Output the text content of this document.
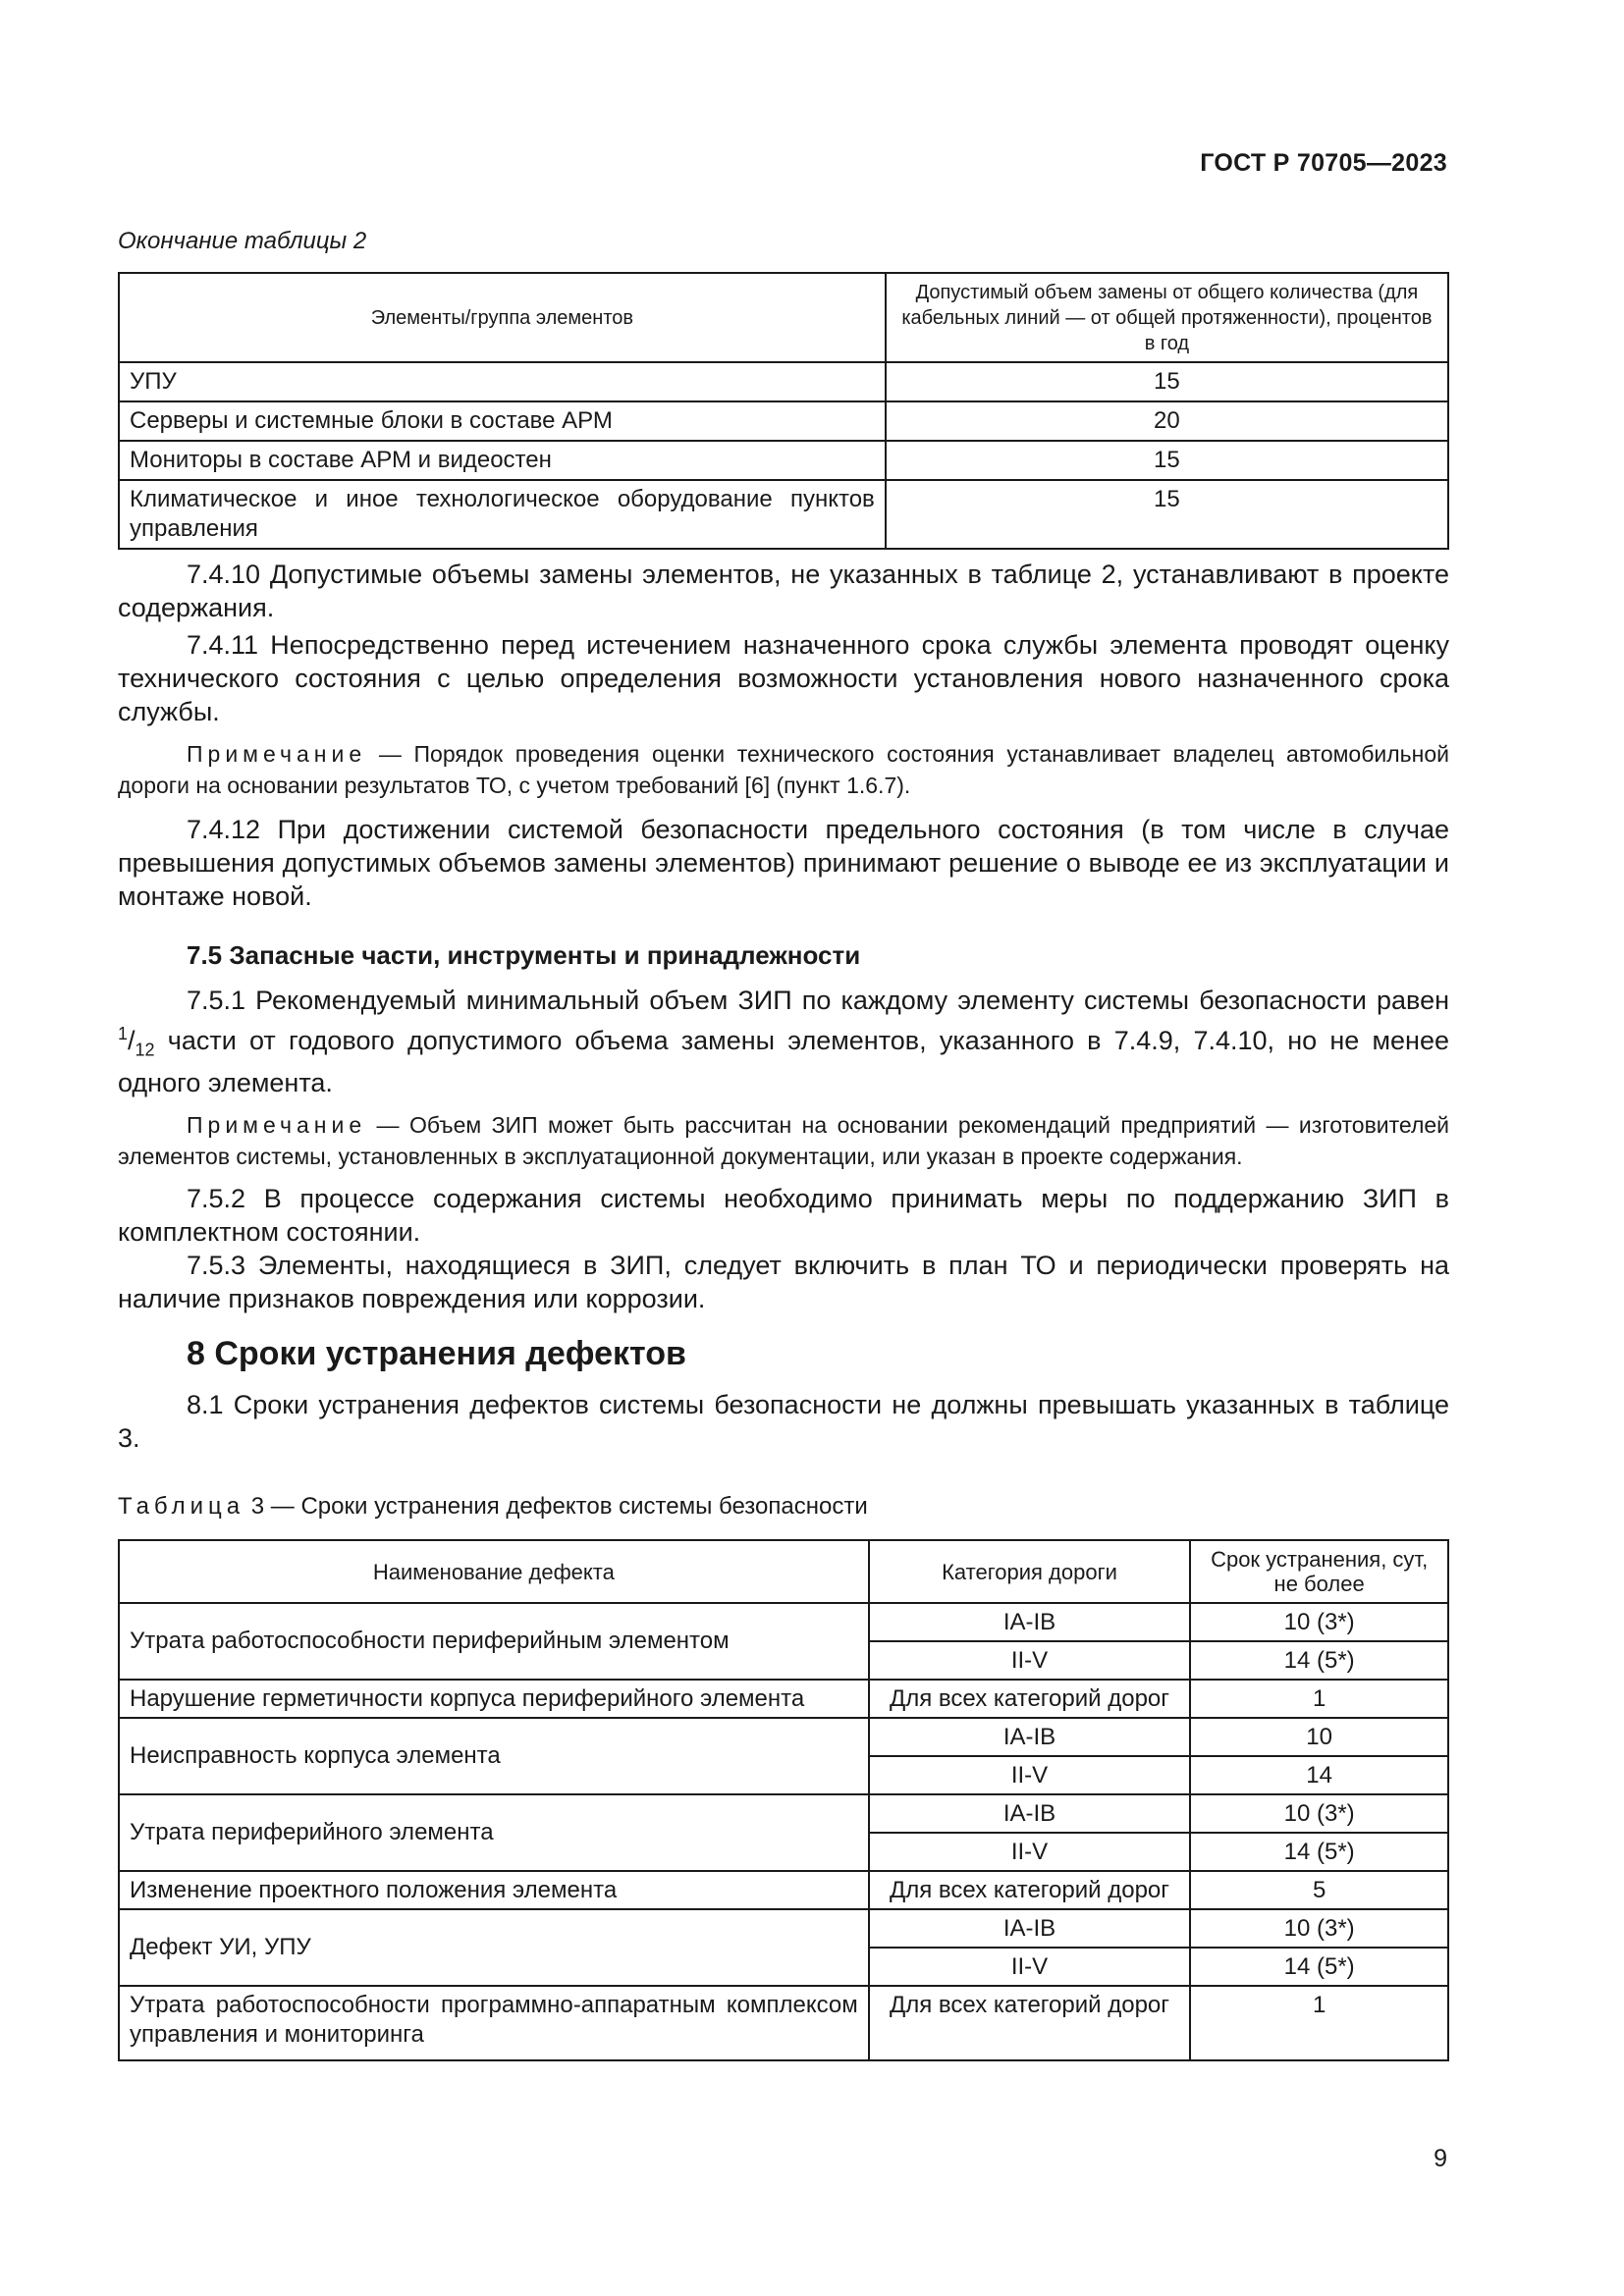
ГОСТ Р 70705—2023
Окончание таблицы 2
Элементы/группа элементов	Допустимый объем замены от общего количества (для кабельных линий — от общей протяженности), процентов в год
УПУ	15
Серверы и системные блоки в составе АРМ	20
Мониторы в составе АРМ и видеостен	15
Климатическое и иное технологическое оборудование пунктов управления	15

7.4.10 Допустимые объемы замены элементов, не указанных в таблице 2, устанавливают в проекте содержания.

7.4.11 Непосредственно перед истечением назначенного срока службы элемента проводят оценку технического состояния с целью определения возможности установления нового назначенного срока службы.

Примечание — Порядок проведения оценки технического состояния устанавливает владелец автомобильной дороги на основании результатов ТО, с учетом требований [6] (пункт 1.6.7).

7.4.12 При достижении системой безопасности предельного состояния (в том числе в случае превышения допустимых объемов замены элементов) принимают решение о выводе ее из эксплуатации и монтаже новой.

7.5 Запасные части, инструменты и принадлежности

7.5.1 Рекомендуемый минимальный объем ЗИП по каждому элементу системы безопасности равен $^1/_{12}$ части от годового допустимого объема замены элементов, указанного в 7.4.9, 7.4.10, но не менее одного элемента.

Примечание — Объем ЗИП может быть рассчитан на основании рекомендаций предприятий — изготовителей элементов системы, установленных в эксплуатационной документации, или указан в проекте содержания.

7.5.2 В процессе содержания системы необходимо принимать меры по поддержанию ЗИП в комплектном состоянии.

7.5.3 Элементы, находящиеся в ЗИП, следует включить в план ТО и периодически проверять на наличие признаков повреждения или коррозии.

8 Сроки устранения дефектов

8.1 Сроки устранения дефектов системы безопасности не должны превышать указанных в таблице 3.

Таблица 3 — Сроки устранения дефектов системы безопасности
Наименование дефекта	Категория дороги	Срок устранения, сут, не более
Утрата работоспособности периферийным элементом	IA-IB	10 (3*)
	II-V	14 (5*)
Нарушение герметичности корпуса периферийного элемента	Для всех категорий дорог	1
Неисправность корпуса элемента	IA-IB	10
	II-V	14
Утрата периферийного элемента	IA-IB	10 (3*)
	II-V	14 (5*)
Изменение проектного положения элемента	Для всех категорий дорог	5
Дефект УИ, УПУ	IA-IB	10 (3*)
	II-V	14 (5*)
Утрата работоспособности программно-аппаратным комплексом управления и мониторинга	Для всех категорий дорог	1
9
